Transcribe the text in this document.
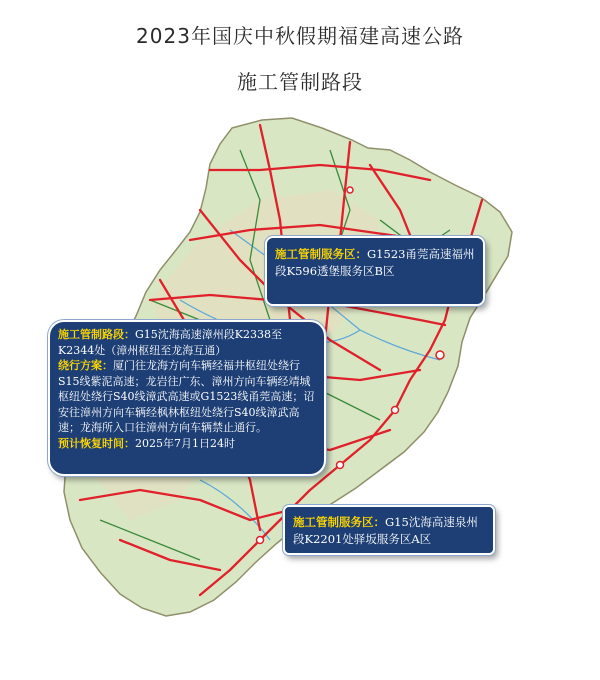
2023年国庆中秋假期福建高速公路
施工管制路段
施工管制服务区：G1523甬莞高速福州段K596透堡服务区B区

施工管制路段：G15沈海高速漳州段K2338至K2344处（漳州枢纽至龙海互通）

绕行方案：厦门往龙海方向车辆经福井枢纽处绕行S15线紫泥高速；龙岩往广东、漳州方向车辆经靖城枢纽处绕行S40线漳武高速或G1523线甬莞高速；诏安往漳州方向车辆经枫林枢纽处绕行S40线漳武高速；龙海所入口往漳州方向车辆禁止通行。

预计恢复时间：2025年7月1日24时

施工管制服务区：G15沈海高速泉州段K2201处驿坂服务区A区
